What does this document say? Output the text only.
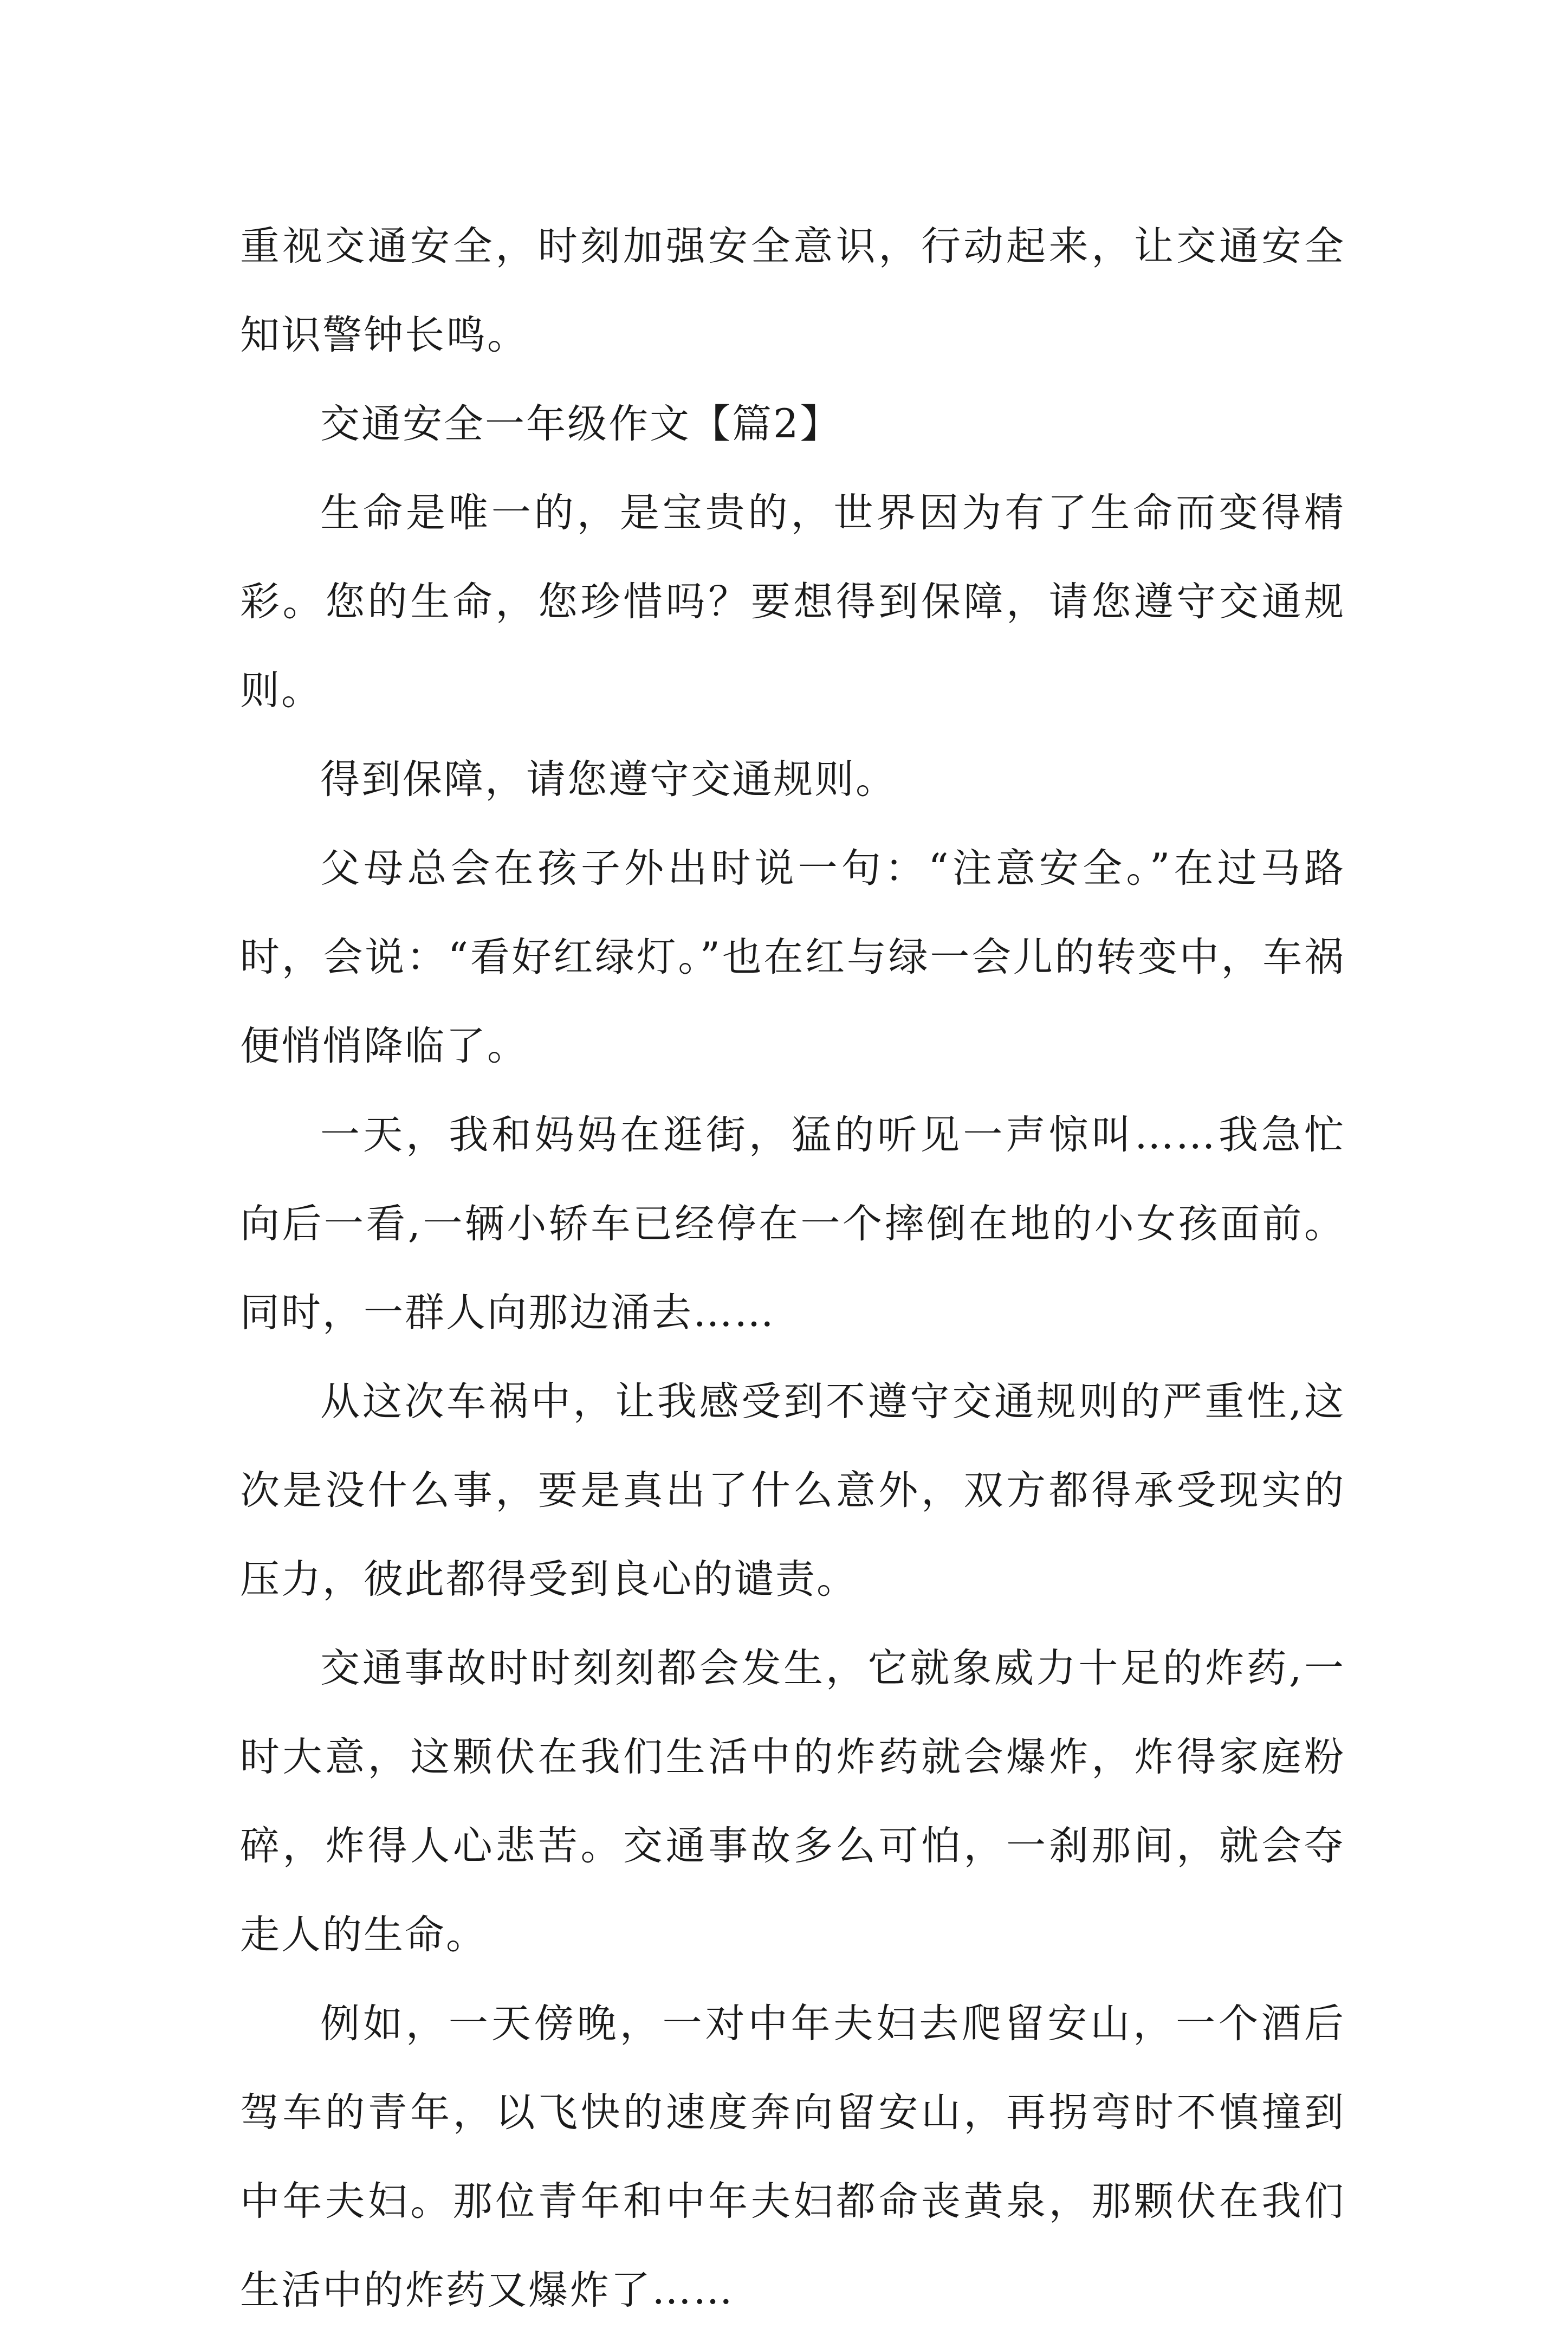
重视交通安全，时刻加强安全意识，行动起来，让交通安全知识警钟长鸣。

交通安全一年级作文【篇2】

生命是唯一的，是宝贵的，世界因为有了生命而变得精彩。您的生命，您珍惜吗？要想得到保障，请您遵守交通规则。

得到保障，请您遵守交通规则。

父母总会在孩子外出时说一句：“注意安全。”在过马路时，会说：“看好红绿灯。”也在红与绿一会儿的转变中，车祸便悄悄降临了。

一天，我和妈妈在逛街，猛的听见一声惊叫……我急忙向后一看,一辆小轿车已经停在一个摔倒在地的小女孩面前。同时，一群人向那边涌去……

从这次车祸中，让我感受到不遵守交通规则的严重性,这次是没什么事，要是真出了什么意外，双方都得承受现实的压力，彼此都得受到良心的谴责。

交通事故时时刻刻都会发生，它就象威力十足的炸药,一时大意，这颗伏在我们生活中的炸药就会爆炸，炸得家庭粉碎，炸得人心悲苦。交通事故多么可怕，一刹那间，就会夺走人的生命。

例如，一天傍晚，一对中年夫妇去爬留安山，一个酒后驾车的青年，以飞快的速度奔向留安山，再拐弯时不慎撞到中年夫妇。那位青年和中年夫妇都命丧黄泉，那颗伏在我们生活中的炸药又爆炸了……
